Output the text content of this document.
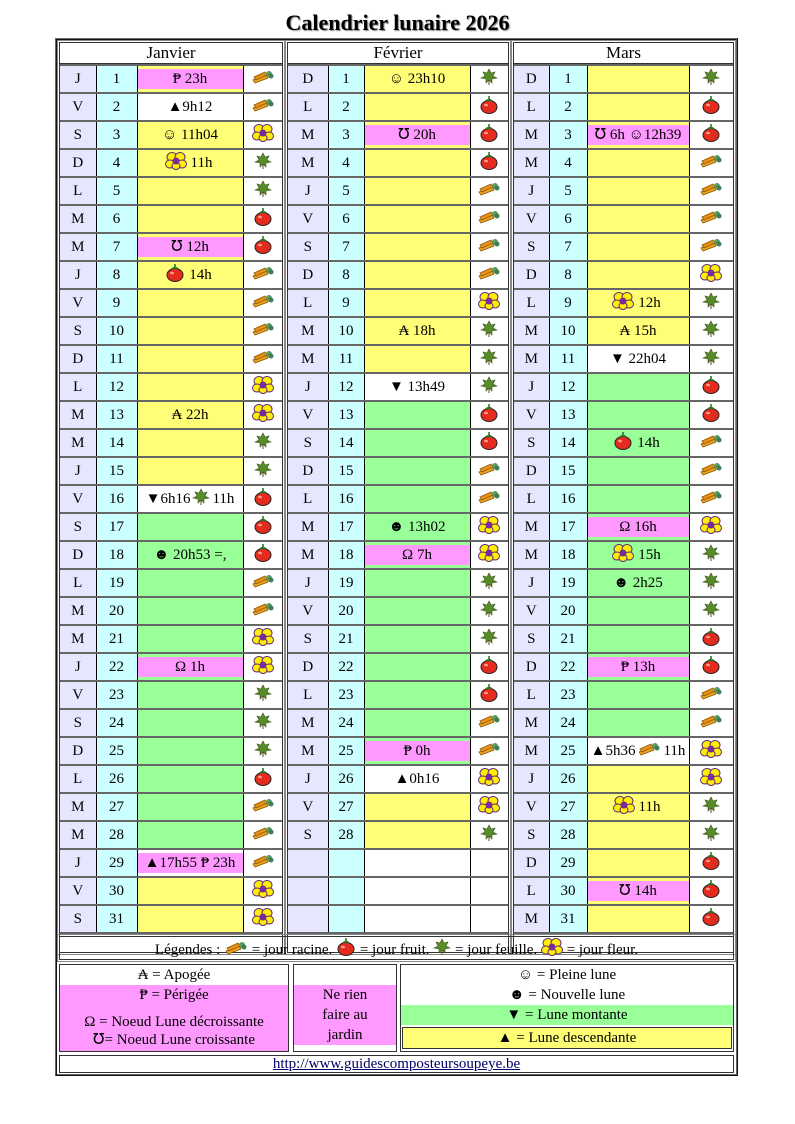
Calendrier lunaire 2026
Janvier
J	1	₱ 23h

V	2	▲9h12	
S	3	☺ 11h04	
D	4	11h	
L	5		
M	6		
M	7	℧ 12h

J	8	14h	
V	9		
S	10		
D	11		
L	12		
M	13	₳ 22h	
M	14		
J	15		
V	16	▼6h16 11h	
S	17		
D	18	☻ 20h53 =,	
L	19		
M	20		
M	21		
J	22	Ω 1h

V	23		
S	24		
D	25		
L	26		
M	27		
M	28		
J	29	▲17h55 ₱ 23h

V	30		
S	31		

Février
D	1	☺ 23h10	
L	2		
M	3	℧ 20h

M	4		
J	5		
V	6		
S	7		
D	8		
L	9		
M	10	₳ 18h	
M	11		
J	12	▼ 13h49	
V	13		
S	14		
D	15		
L	16		
M	17	☻ 13h02	
M	18	Ω 7h

J	19		
V	20		
S	21		
D	22		
L	23		
M	24		
M	25	₱ 0h

J	26	▲0h16	
V	27		
S	28		

Mars
D	1		
L	2		
M	3	℧ 6h ☺12h39

M	4		
J	5		
V	6		
S	7		
D	8		
L	9	12h	
M	10	₳ 15h	
M	11	▼ 22h04	
J	12		
V	13		
S	14	14h	
D	15		
L	16		
M	17	Ω 16h

M	18	15h	
J	19	☻ 2h25	
V	20		
S	21		
D	22	₱ 13h

L	23		
M	24		
M	25	▲5h36 11h	
J	26		
V	27	11h	
S	28		
D	29		
L	30	℧ 14h

M	31		

Légendes : = jour racine. = jour fruit. = jour feuille. = jour fleur.
₳ = Apogée
₱ = Périgée
Ω = Noeud Lune décroissante
℧= Noeud Lune croissante
Ne rien faire au jardin
☺ = Pleine lune
☻ = Nouvelle lune
▼ = Lune montante
▲ = Lune descendante
http://www.guidescomposteursoupeye.be
